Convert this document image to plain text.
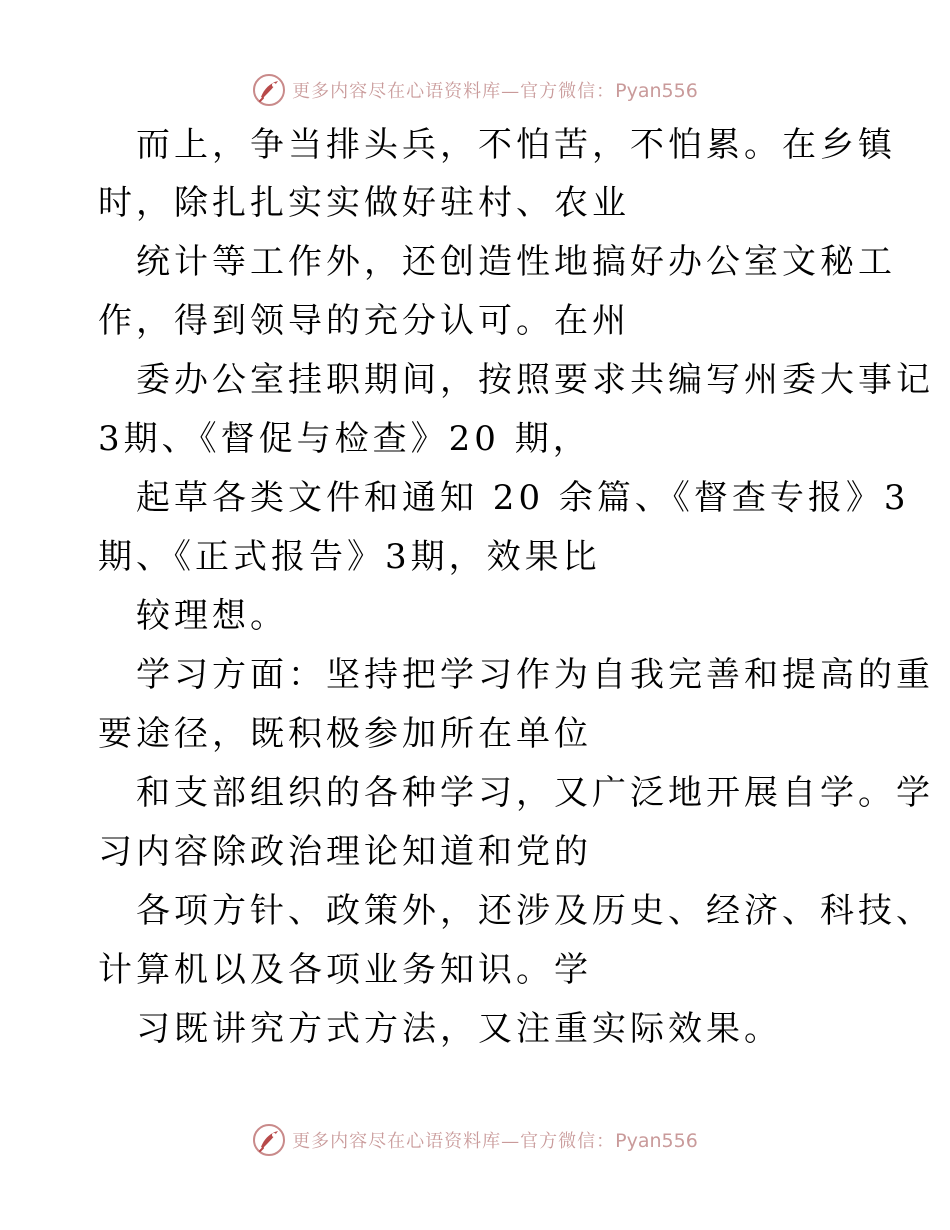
更多内容尽在心语资料库—官方微信：Pyan556
而上，争当排头兵，不怕苦，不怕累。在乡镇
时，除扎扎实实做好驻村、农业
统计等工作外，还创造性地搞好办公室文秘工
作，得到领导的充分认可。在州
委办公室挂职期间，按照要求共编写州委大事记
3期、《督促与检查》20 期，
起草各类文件和通知 20 余篇、《督查专报》3
期、《正式报告》3期，效果比
较理想。
学习方面：坚持把学习作为自我完善和提高的重
要途径，既积极参加所在单位
和支部组织的各种学习，又广泛地开展自学。学
习内容除政治理论知道和党的
各项方针、政策外，还涉及历史、经济、科技、
计算机以及各项业务知识。学
习既讲究方式方法，又注重实际效果。
更多内容尽在心语资料库—官方微信：Pyan556
